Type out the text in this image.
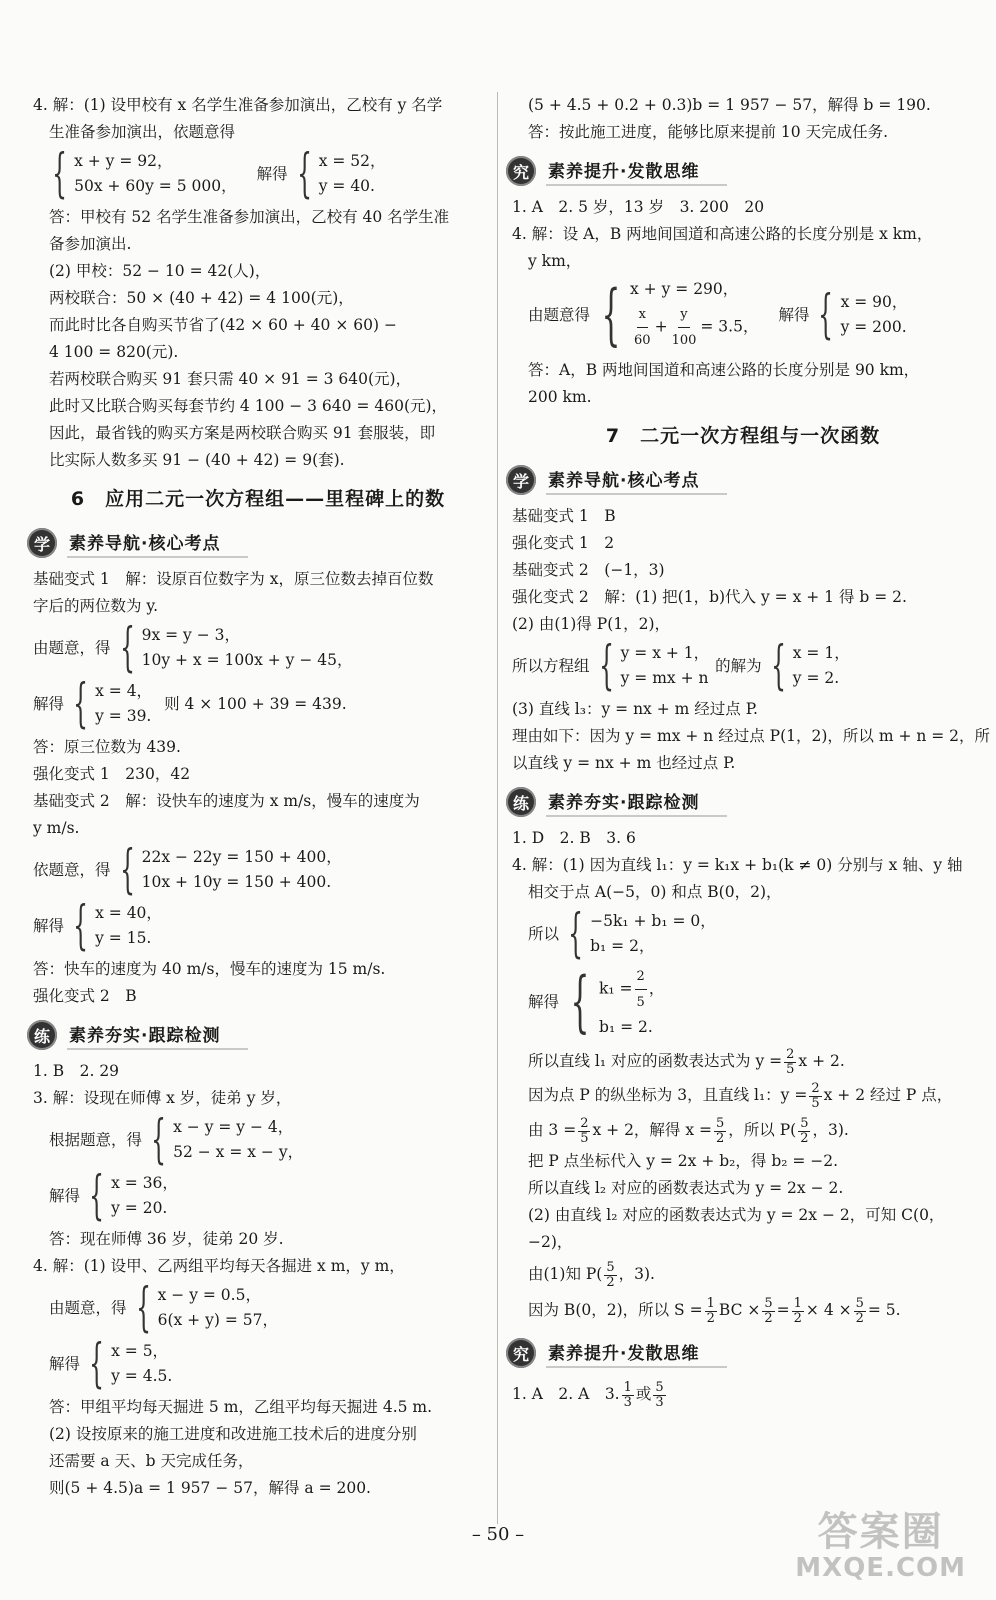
4. 解：(1) 设甲校有 x 名学生准备参加演出，乙校有 y 名学
生准备参加演出，依题意得
{ x + y = 92，
50x + 60y = 5 000，
解得 { x = 52，
y = 40.
答：甲校有 52 名学生准备参加演出，乙校有 40 名学生准
备参加演出.
(2) 甲校：52 − 10 = 42(人)，
两校联合：50 × (40 + 42) = 4 100(元)，
而此时比各自购买节省了(42 × 60 + 40 × 60) −
4 100 = 820(元).
若两校联合购买 91 套只需 40 × 91 = 3 640(元)，
此时又比联合购买每套节约 4 100 − 3 640 = 460(元)，
因此，最省钱的购买方案是两校联合购买 91 套服装，即
比实际人数多买 91 − (40 + 42) = 9(套).
6　应用二元一次方程组——里程碑上的数
学	素养导航·核心考点
基础变式 1　解：设原百位数字为 x，原三位数去掉百位数
字后的两位数为 y.
由题意，得 { 9x = y − 3，
10y + x = 100x + y − 45，
解得 { x = 4，
y = 39.
则 4 × 100 + 39 = 439.
答：原三位数为 439.
强化变式 1　230，42
基础变式 2　解：设快车的速度为 x m/s，慢车的速度为
y m/s.
依题意，得 { 22x − 22y = 150 + 400，
10x + 10y = 150 + 400.
解得 { x = 40，
y = 15.
答：快车的速度为 40 m/s，慢车的速度为 15 m/s.
强化变式 2　B
练	素养夯实·跟踪检测
1. B　2. 29
3. 解：设现在师傅 x 岁，徒弟 y 岁，
根据题意，得 { x − y = y − 4，
52 − x = x − y，
解得 { x = 36，
y = 20.
答：现在师傅 36 岁，徒弟 20 岁.
4. 解：(1) 设甲、乙两组平均每天各掘进 x m，y m，
由题意，得 { x − y = 0.5，
6(x + y) = 57，
解得 { x = 5，
y = 4.5.
答：甲组平均每天掘进 5 m，乙组平均每天掘进 4.5 m.
(2) 设按原来的施工进度和改进施工技术后的进度分别
还需要 a 天、b 天完成任务，
则(5 + 4.5)a = 1 957 − 57，解得 a = 200.
(5 + 4.5 + 0.2 + 0.3)b = 1 957 − 57，解得 b = 190.
答：按此施工进度，能够比原来提前 10 天完成任务.
究	素养提升·发散思维
1. A　2. 5 岁，13 岁　3. 200　20
4. 解：设 A，B 两地间国道和高速公路的长度分别是 x km，
y km，
由题意得 { x + y = 290，
$\frac{x}{60} + \frac{y}{100} = 3.5$，
解得 { x = 90，
y = 200.
答：A，B 两地间国道和高速公路的长度分别是 90 km，
200 km.
7　二元一次方程组与一次函数
学	素养导航·核心考点
基础变式 1　B
强化变式 1　2
基础变式 2　(−1，3)
强化变式 2　解：(1) 把(1，b)代入 y = x + 1 得 b = 2.
(2) 由(1)得 P(1，2)，
所以方程组 { y = x + 1，
y = mx + n
的解为 { x = 1，
y = 2.
(3) 直线 l₃：y = nx + m 经过点 P.
理由如下：因为 y = mx + n 经过点 P(1，2)，所以 m + n = 2，所
以直线 y = nx + m 也经过点 P.
练	素养夯实·跟踪检测
1. D　2. B　3. 6
4. 解：(1) 因为直线 l₁：y = k₁x + b₁(k ≠ 0) 分别与 x 轴、y 轴
相交于点 A(−5，0) 和点 B(0，2)，
所以 { −5k₁ + b₁ = 0，
b₁ = 2，
解得 { $k_1 = \frac{2}{5}$ ，
b₁ = 2.
所以直线 l₁ 对应的函数表达式为 $y = \frac{2}{5}$ x + 2.
因为点 P 的纵坐标为 3，且直线 l₁：$y = \frac{2}{5}$ x + 2 经过 P 点，
由 $3 = \frac{2}{5}$ x + 2，解得 $x = \frac{5}{2}$ ，所以 $P( \frac{5}{2}$ ，3).
把 P 点坐标代入 y = 2x + b₂，得 b₂ = −2.
所以直线 l₂ 对应的函数表达式为 y = 2x − 2.
(2) 由直线 l₂ 对应的函数表达式为 y = 2x − 2，可知 C(0，
−2)，
由(1)知 $P( \frac{5}{2}$ ，3).
因为 B(0，2)，所以 $S = \frac{1}{2}$ BC × $\frac{5}{2} = \frac{1}{2} \times 4 \times \frac{5}{2} = 5$.
究	素养提升·发散思维
1. A　2. A　3. $\frac{1}{3}$ 或 $\frac{5}{3}$
– 50 –	答案圈
MXQE.COM
